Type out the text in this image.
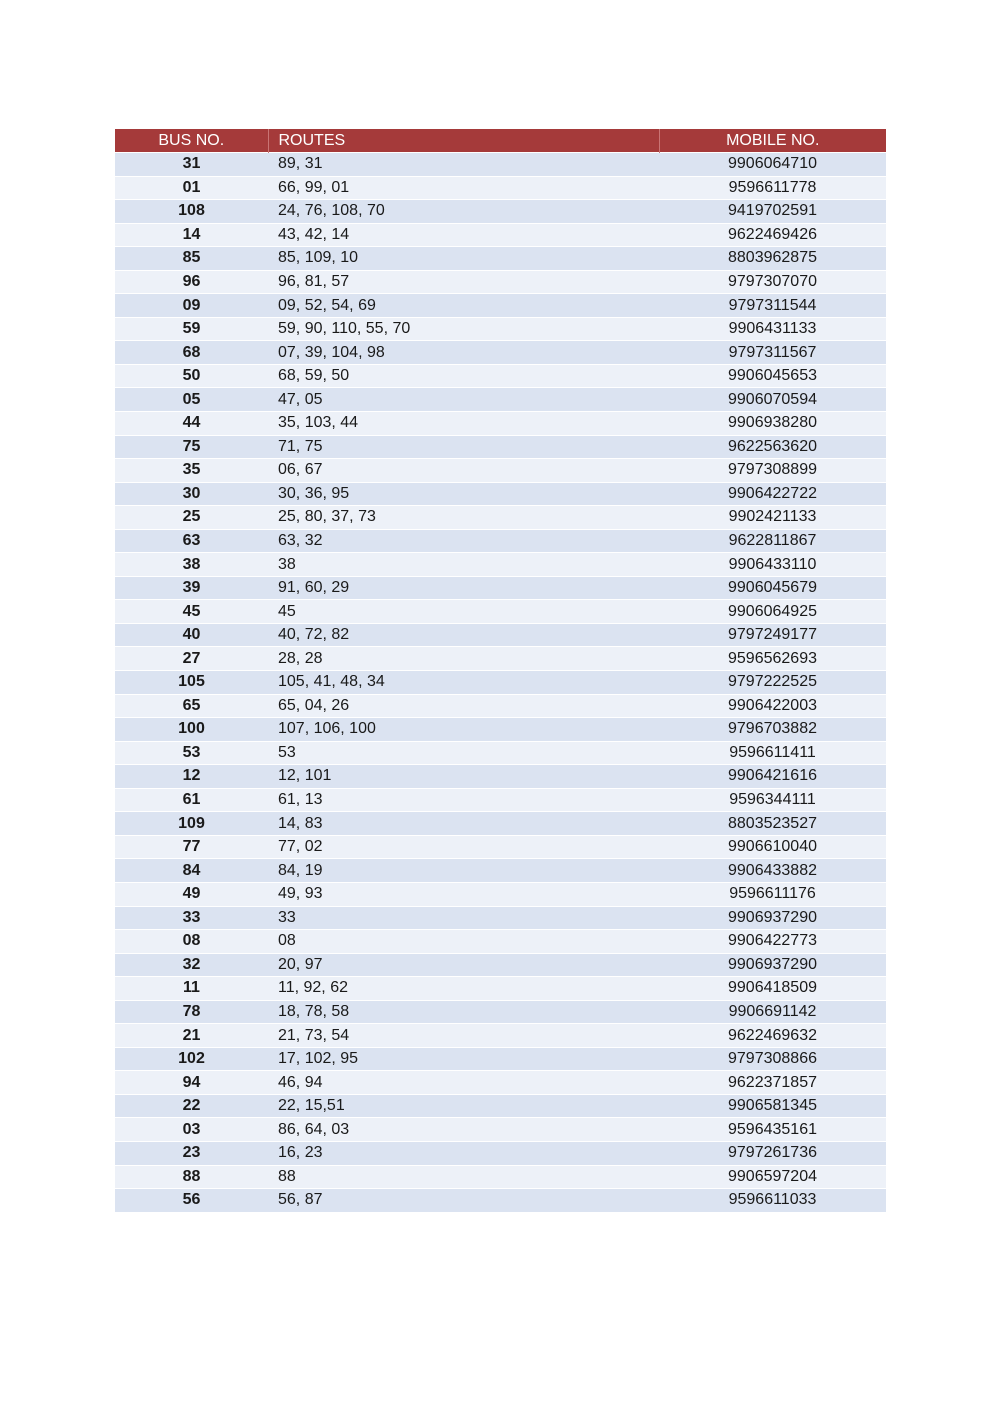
BUS NO.	ROUTES	MOBILE NO.
31	89, 31	9906064710
01	66, 99, 01	9596611778
108	24, 76, 108, 70	9419702591
14	43, 42, 14	9622469426
85	85, 109, 10	8803962875
96	96, 81, 57	9797307070
09	09, 52, 54, 69	9797311544
59	59, 90, 110, 55, 70	9906431133
68	07, 39, 104, 98	9797311567
50	68, 59, 50	9906045653
05	47, 05	9906070594
44	35, 103, 44	9906938280
75	71, 75	9622563620
35	06, 67	9797308899
30	30, 36, 95	9906422722
25	25, 80, 37, 73	9902421133
63	63, 32	9622811867
38	38	9906433110
39	91, 60, 29	9906045679
45	45	9906064925
40	40, 72, 82	9797249177
27	28, 28	9596562693
105	105, 41, 48, 34	9797222525
65	65, 04, 26	9906422003
100	107, 106, 100	9796703882
53	53	9596611411
12	12, 101	9906421616
61	61, 13	9596344111
109	14, 83	8803523527
77	77, 02	9906610040
84	84, 19	9906433882
49	49, 93	9596611176
33	33	9906937290
08	08	9906422773
32	20, 97	9906937290
11	11, 92, 62	9906418509
78	18, 78, 58	9906691142
21	21, 73, 54	9622469632
102	17, 102, 95	9797308866
94	46, 94	9622371857
22	22, 15,51	9906581345
03	86, 64, 03	9596435161
23	16, 23	9797261736
88	88	9906597204
56	56, 87	9596611033
